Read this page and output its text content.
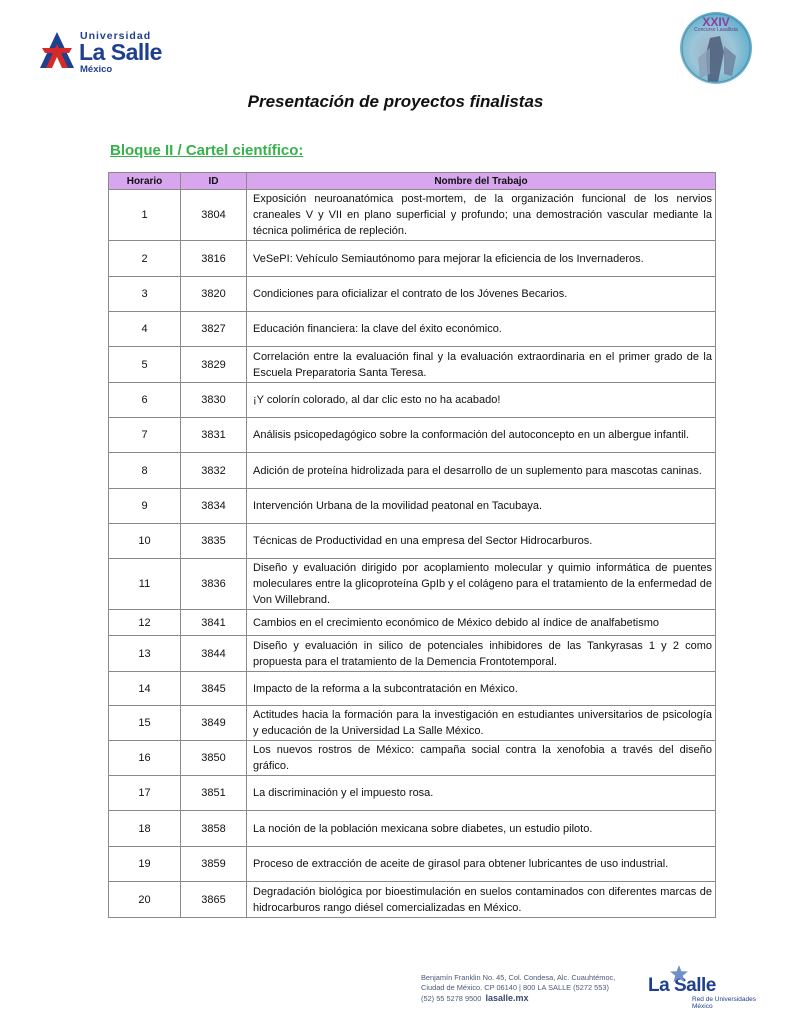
Universidad
La Salle
México
XXIV
Concurso Lasallista
Presentación de proyectos finalistas
Bloque II / Cartel científico:
Horario	ID	Nombre del Trabajo
1	3804	Exposición neuroanatómica post-mortem, de la organización funcional de los nervios craneales V y VII en plano superficial y profundo; una demostración vascular mediante la técnica polimérica de repleción.
2	3816	VeSePI: Vehículo Semiautónomo para mejorar la eficiencia de los Invernaderos.
3	3820	Condiciones para oficializar el contrato de los Jóvenes Becarios.
4	3827	Educación financiera: la clave del éxito económico.
5	3829	Correlación entre la evaluación final y la evaluación extraordinaria en el primer grado de la Escuela Preparatoria Santa Teresa.
6	3830	¡Y colorín colorado, al dar clic esto no ha acabado!
7	3831	Análisis psicopedagógico sobre la conformación del autoconcepto en un albergue infantil.
8	3832	Adición de proteína hidrolizada para el desarrollo de un suplemento para mascotas caninas.
9	3834	Intervención Urbana de la movilidad peatonal en Tacubaya.
10	3835	Técnicas de Productividad en una empresa del Sector Hidrocarburos.
11	3836	Diseño y evaluación dirigido por acoplamiento molecular y quimio informática de puentes moleculares entre la glicoproteína GpIb y el colágeno para el tratamiento de la enfermedad de Von Willebrand.
12	3841	Cambios en el crecimiento económico de México debido al índice de analfabetismo
13	3844	Diseño y evaluación in silico de potenciales inhibidores de las Tankyrasas 1 y 2 como propuesta para el tratamiento de la Demencia Frontotemporal.
14	3845	Impacto de la reforma a la subcontratación en México.
15	3849	Actitudes hacia la formación para la investigación en estudiantes universitarios de psicología y educación de la Universidad La Salle México.
16	3850	Los nuevos rostros de México: campaña social contra la xenofobia a través del diseño gráfico.
17	3851	La discriminación y el impuesto rosa.
18	3858	La noción de la población mexicana sobre diabetes, un estudio piloto.
19	3859	Proceso de extracción de aceite de girasol para obtener lubricantes de uso industrial.
20	3865	Degradación biológica por bioestimulación en suelos contaminados con diferentes marcas de hidrocarburos rango diésel comercializadas en México.
Benjamín Franklin No. 45, Col. Condesa, Alc. Cuauhtémoc,
Ciudad de México. CP 06140 | 800 LA SALLE (5272 553)
(52) 55 5278 9500 lasalle.mx
La Salle
Red de Universidades
México
